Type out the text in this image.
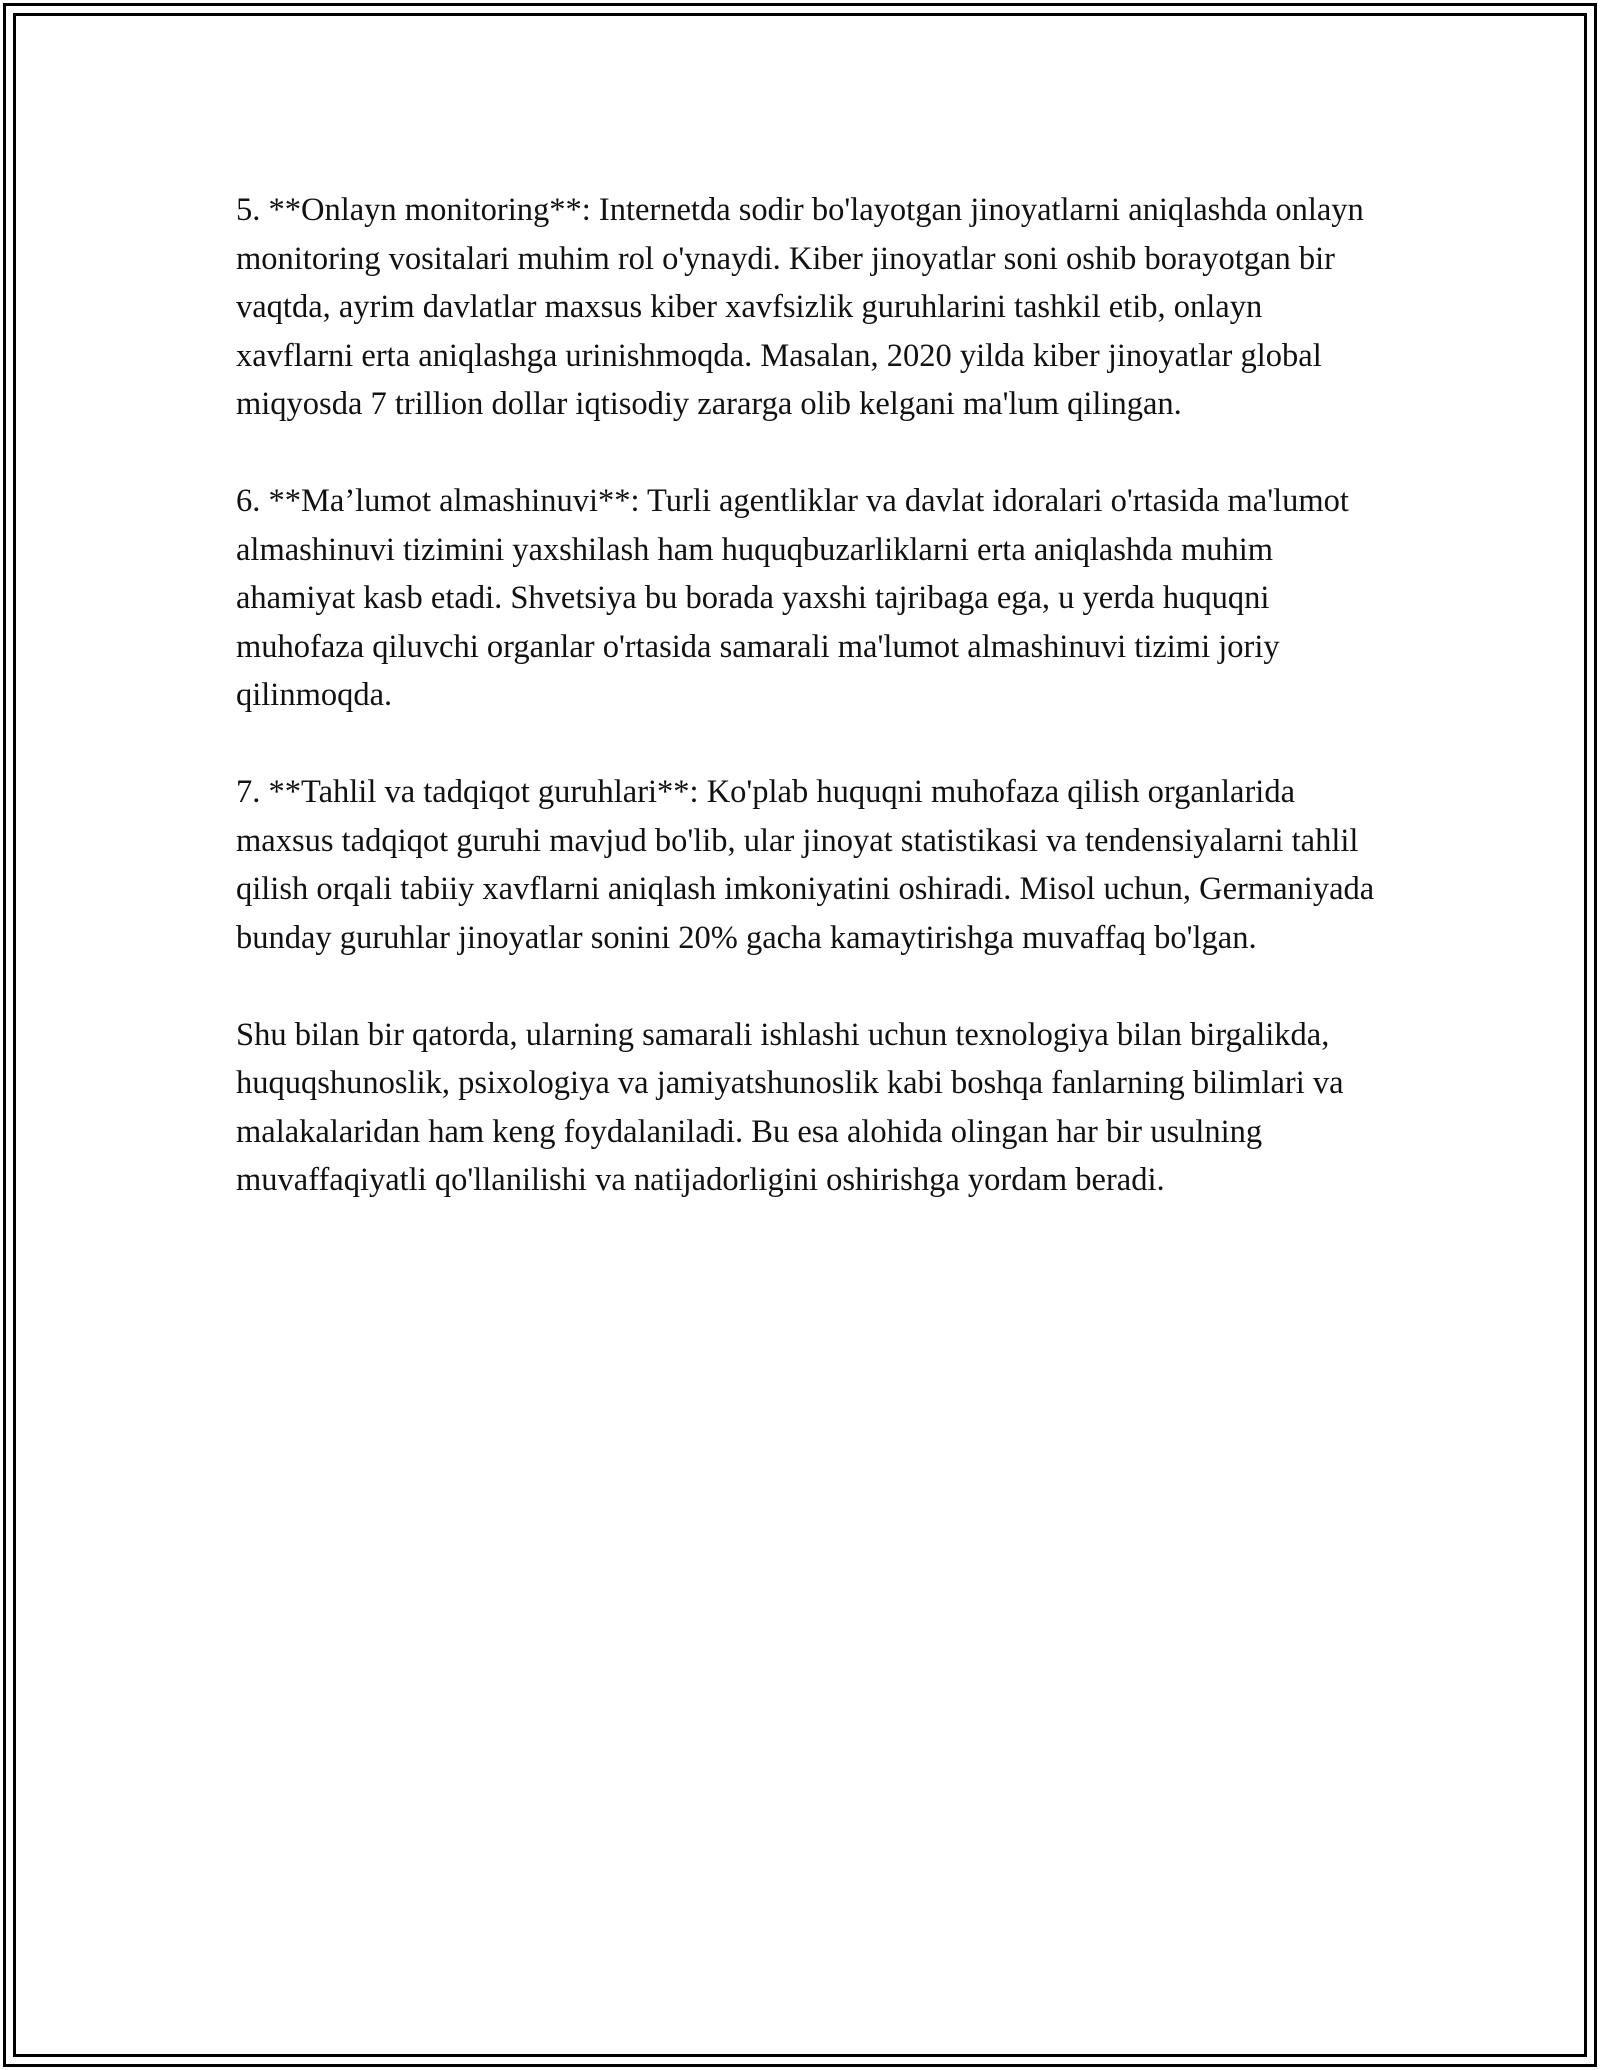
5. **Onlayn monitoring**: Internetda sodir bo'layotgan jinoyatlarni aniqlashda onlayn monitoring vositalari muhim rol o'ynaydi. Kiber jinoyatlar soni oshib borayotgan bir vaqtda, ayrim davlatlar maxsus kiber xavfsizlik guruhlarini tashkil etib, onlayn xavflarni erta aniqlashga urinishmoqda. Masalan, 2020 yilda kiber jinoyatlar global miqyosda 7 trillion dollar iqtisodiy zararga olib kelgani ma'lum qilingan.

6. **Ma’lumot almashinuvi**: Turli agentliklar va davlat idoralari o'rtasida ma'lumot almashinuvi tizimini yaxshilash ham huquqbuzarliklarni erta aniqlashda muhim ahamiyat kasb etadi. Shvetsiya bu borada yaxshi tajribaga ega, u yerda huquqni muhofaza qiluvchi organlar o'rtasida samarali ma'lumot almashinuvi tizimi joriy qilinmoqda.

7. **Tahlil va tadqiqot guruhlari**: Ko'plab huquqni muhofaza qilish organlarida maxsus tadqiqot guruhi mavjud bo'lib, ular jinoyat statistikasi va tendensiyalarni tahlil qilish orqali tabiiy xavflarni aniqlash imkoniyatini oshiradi. Misol uchun, Germaniyada bunday guruhlar jinoyatlar sonini 20% gacha kamaytirishga muvaffaq bo'lgan.

Shu bilan bir qatorda, ularning samarali ishlashi uchun texnologiya bilan birgalikda, huquqshunoslik, psixologiya va jamiyatshunoslik kabi boshqa fanlarning bilimlari va malakalaridan ham keng foydalaniladi. Bu esa alohida olingan har bir usulning muvaffaqiyatli qo'llanilishi va natijadorligini oshirishga yordam beradi.
